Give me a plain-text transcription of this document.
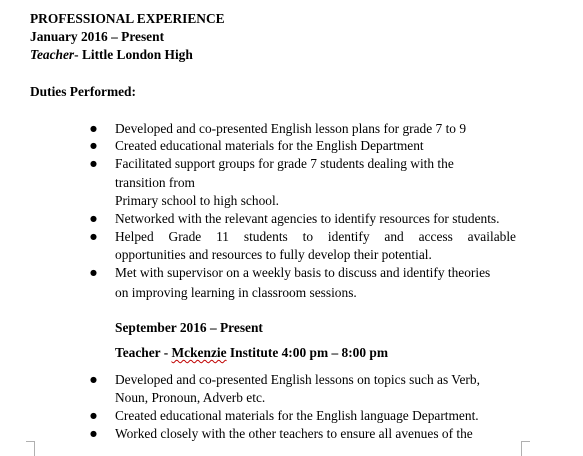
PROFESSIONAL EXPERIENCE
January 2016 – Present
Teacher- Little London High
Duties Performed:
● Developed and co-presented English lesson plans for grade 7 to 9
● Created educational materials for the English Department
● Facilitated support groups for grade 7 students dealing with the
transition from
Primary school to high school.
● Networked with the relevant agencies to identify resources for students.
● Helped Grade 11 students to identify and access available
opportunities and resources to fully develop their potential.
● Met with supervisor on a weekly basis to discuss and identify theories
on improving learning in classroom sessions.
September 2016 – Present
Teacher - Mckenzie Institute 4:00 pm – 8:00 pm
● Developed and co-presented English lessons on topics such as Verb,
Noun, Pronoun, Adverb etc.
● Created educational materials for the English language Department.
● Worked closely with the other teachers to ensure all avenues of the
